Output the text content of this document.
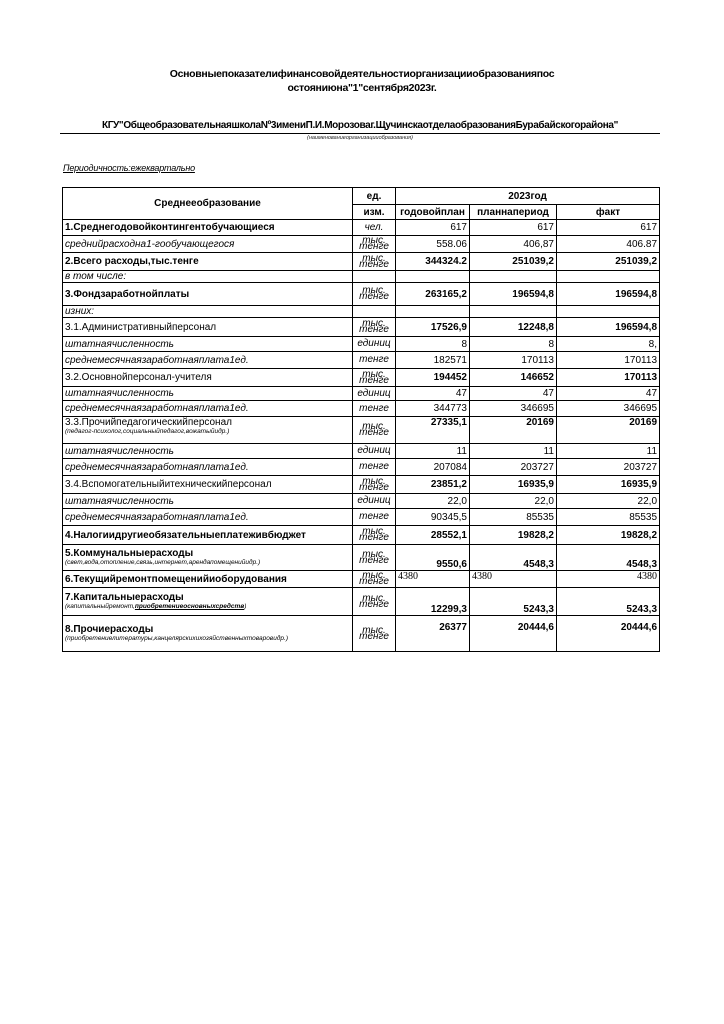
Основныепоказателифинансовойдеятельностиорганизацииобразованияпос
остояниюна"1"сентября2023г.
КГУ"ОбщеобразовательнаяшколаNº3имениП.И.Морозоваг.ЩучинскаотделаобразованияБурабайскогорайона"
(наименованиеорганизацииобразования)
Периодичность:ежеквартально
Среднееобразование	ед.	2023год		
	изм.	годовойплан	планнапериод	факт
1.Среднегодовойконтингентобучающиеся	чел.	617	617	617
среднийрасходна1-гообучающегося	тыс. тенге	558.06	406,87	406.87
2.Всего расходы,тыс.тенге	тыс. тенге	344324.2	251039,2	251039,2
в том числе:				
3.Фондзаработнойплаты	тыс. тенге	263165,2	196594,8	196594,8
изних:				
3.1.Административныйперсонал	тыс. тенге	17526,9	12248,8	196594,8
штатнаячисленность	единиц	8	8	8,
среднемесячнаязаработнаяплата1ед.	тенге	182571	170113	170113
3.2.Основнойперсонал-учителя	тыс. тенге	194452	146652	170113
штатнаячисленность	единиц	47	47	47
среднемесячнаязаработнаяплата1ед.	тенге	344773	346695	346695
3.3.Прочийпедагогическийперсонал
(педагог-психолог,социальныйпедагог,вожатыйидр.)	тыс. тенге	27335,1	20169	20169
штатнаячисленность	единиц	11	11	11
среднемесячнаязаработнаяплата1ед.	тенге	207084	203727	203727
3.4.Вспомогательныйитехническийперсонал	тыс. тенге	23851,2	16935,9	16935,9
штатнаячисленность	единиц	22,0	22,0	22,0
среднемесячнаязаработнаяплата1ед.	тенге	90345,5	85535	85535
4.Налогиидругиеобязательныеплатеживбюджет	тыс. тенге	28552,1	19828,2	19828,2
5.Коммунальныерасходы
(свет,вода,отопление,связь,интернет,арендапомещенийидр.)	тыс. тенге	9550,6	4548,3	4548,3
6.Текущийремонтпомещенийиоборудования	тыс. тенге	4380	4380	4380
7.Капитальныерасходы
(капитальныйремонт,приобретениеосновныхсредств)	тыс. тенге	12299,3	5243,3	5243,3
8.Прочиерасходы
(приобретениелитературы,канцелярскихихозяйственныхтоваровидр.)	тыс. тенге	26377	20444,6	20444,6
